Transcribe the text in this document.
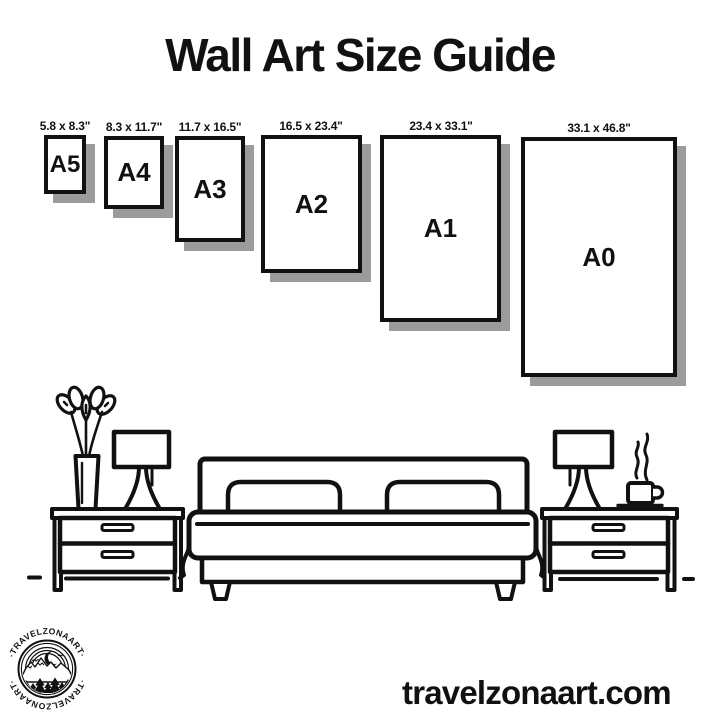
Wall Art Size Guide
5.8 x 8.3" 8.3 x 11.7" 11.7 x 16.5"	16.5 x 23.4"	23.4 x 33.1"	33.1 x 46.8"
A5 A4
A3	A2
A1
A0
·TRAVELZONAART·
·TRAVELZONAART·	travelzonaart.com
